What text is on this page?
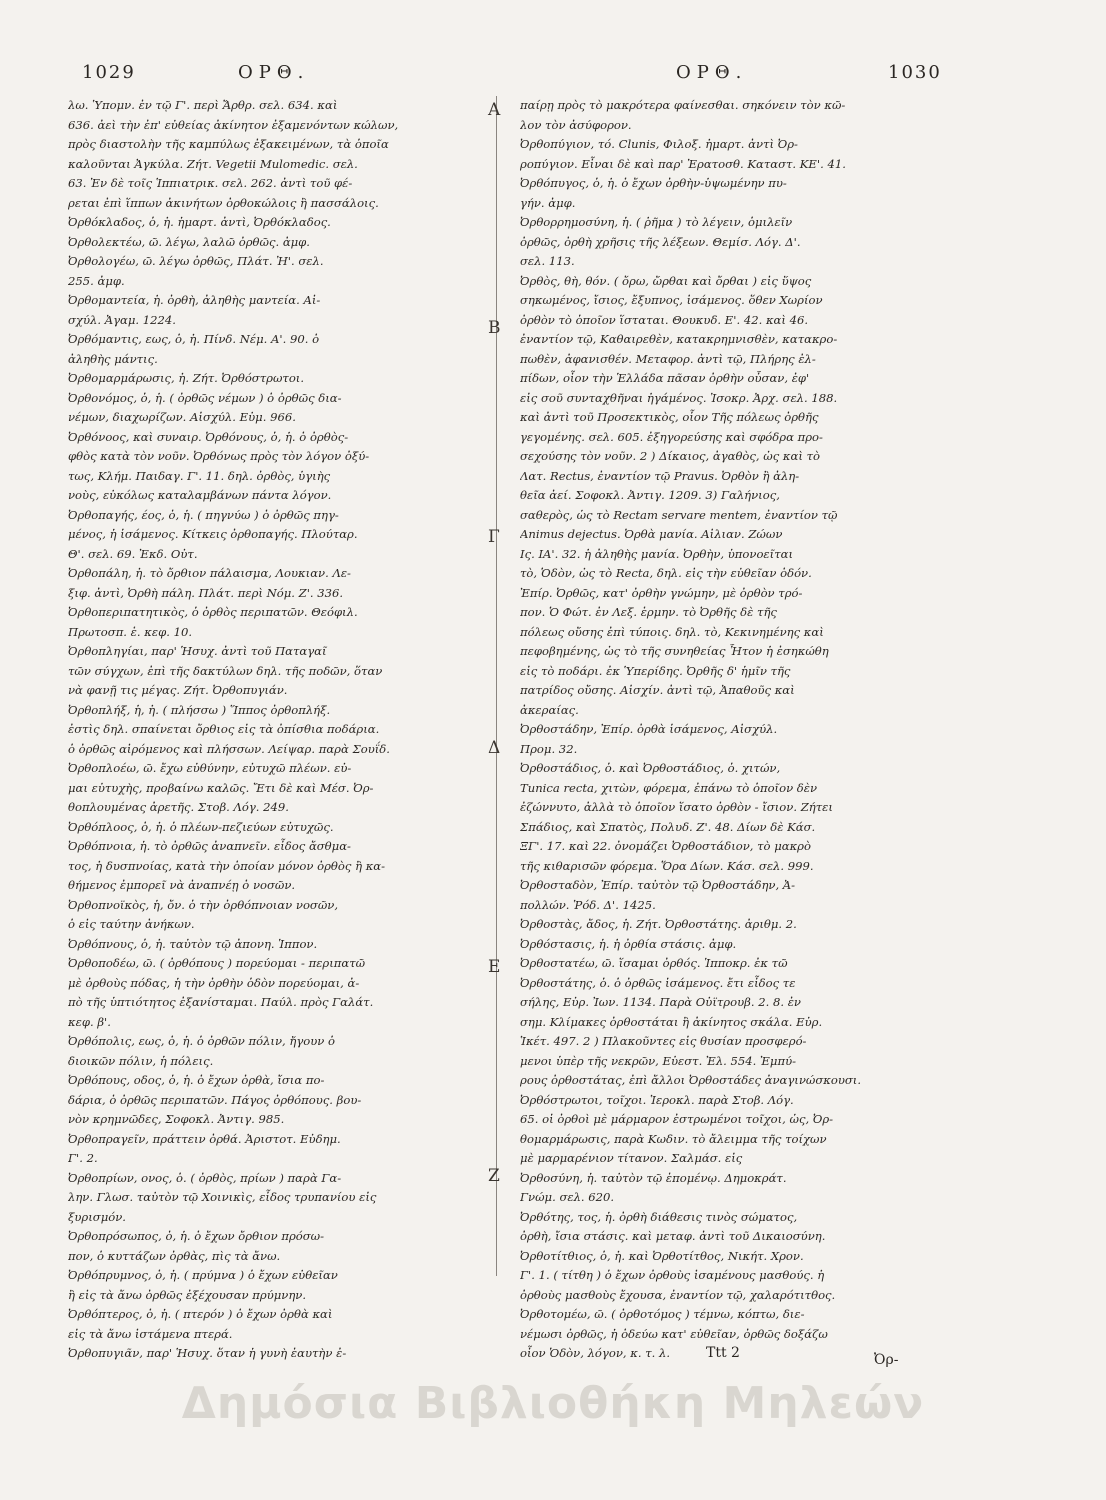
1029	ΟΡΘ.	ΟΡΘ.	1030
λω. Ὑπομν. ἐν τῷ Γ'. περὶ Ἄρθρ. σελ. 634. καὶ
636. ἀεὶ τὴν ἐπ' εὐθείας ἀκίνητον ἐξαμενόντων κώλων,
πρὸς διαστολὴν τῆς καμπύλως ἐξακειμένων, τὰ ὁποῖα
καλοῦνται Ἀγκύλα. Ζήτ. Vegetii Mulomedic. σελ.
63. Ἐν δὲ τοῖς Ἱππιατρικ. σελ. 262. ἀντὶ τοῦ φέ-
ρεται ἐπὶ ἵππων ἀκινήτων ὀρθοκώλοις ἢ πασσάλοις.
Ὀρθόκλαδος, ὁ, ἡ. ἡμαρτ. ἀντὶ, Ὀρθόκλαδος.
Ὀρθολεκτέω, ῶ. λέγω, λαλῶ ὀρθῶς. ἀμφ.
Ὀρθολογέω, ῶ. λέγω ὀρθῶς, Πλάτ. Ἠ'. σελ.
255. ἀμφ.
Ὀρθομαντεία, ἡ. ὀρθὴ, ἀληθὴς μαντεία. Αἰ-
σχύλ. Ἀγαμ. 1224.
Ὀρθόμαντις, εως, ὁ, ἡ. Πίνδ. Νέμ. Α'. 90. ὁ
ἀληθὴς μάντις.
Ὀρθομαρμάρωσις, ἡ. Ζήτ. Ὀρθόστρωτοι.
Ὀρθονόμος, ὁ, ἡ. ( ὀρθῶς νέμων ) ὁ ὀρθῶς δια-
νέμων, διαχωρίζων. Αἰσχύλ. Εὐμ. 966.
Ὀρθόνοος, καὶ συναιρ. Ὀρθόνους, ὁ, ἡ. ὁ ὀρθὸς-
φθὸς κατὰ τὸν νοῦν. Ὀρθόνως πρὸς τὸν λόγον ὀξύ-
τως, Κλήμ. Παιδαγ. Γ'. 11. δηλ. ὀρθὸς, ὑγιὴς
νοὺς, εὐκόλως καταλαμβάνων πάντα λόγον.
Ὀρθοπαγής, έος, ὁ, ἡ. ( πηγνύω ) ὁ ὀρθῶς πηγ-
μένος, ἡ ἱσάμενος. Κίτκεις ὀρθοπαγής. Πλούταρ.
Θ'. σελ. 69. Ἐκδ. Οὐτ.
Ὀρθοπάλη, ἡ. τὸ ὄρθιον πάλαισμα, Λουκιαν. Λε-
ξιφ. ἀντὶ, Ὀρθὴ πάλη. Πλάτ. περὶ Νόμ. Ζ'. 336.
Ὀρθοπεριπατητικὸς, ὁ ὀρθὸς περιπατῶν. Θεόφιλ.
Πρωτοσπ. ἑ. κεφ. 10.
Ὀρθοπληγίαι, παρ' Ἡσυχ. ἀντὶ τοῦ Παταγαῖ
τῶν σύγχων, ἐπὶ τῆς δακτύλων δηλ. τῆς ποδῶν, ὅταν
νὰ φανῇ τις μέγας. Ζήτ. Ὀρθοπυγιάν.
Ὀρθοπλήξ, ἡ, ἡ. ( πλήσσω ) Ἵππος ὀρθοπλήξ.
ἐστὶς δηλ. σπαίνεται ὄρθιος εἰς τὰ ὀπίσθια ποδάρια.
ὁ ὀρθῶς αἰρόμενος καὶ πλήσσων. Λείψαρ. παρὰ Σουΐδ.
Ὀρθοπλοέω, ῶ. ἔχω εὐθύνην, εὐτυχῶ πλέων. εὐ-
μαι εὐτυχὴς, προβαίνω καλῶς. Ἔτι δὲ καὶ Μέσ. Ὀρ-
θοπλουμένας ἀρετῆς. Στοβ. Λόγ. 249.
Ὀρθόπλοος, ὁ, ἡ. ὁ πλέων-πεζιεύων εὐτυχῶς.
Ὀρθόπνοια, ἡ. τὸ ὀρθῶς ἀναπνεῖν. εἶδος ἄσθμα-
τος, ἡ δυσπνοίας, κατὰ τὴν ὁποίαν μόνον ὀρθὸς ἢ κα-
θήμενος ἐμπορεῖ νὰ ἀναπνέῃ ὁ νοσῶν.
Ὀρθοπνοϊκὸς, ἡ, ὄν. ὁ τὴν ὀρθόπνοιαν νοσῶν,
ὁ εἰς ταύτην ἀνήκων.
Ὀρθόπνους, ὁ, ἡ. ταὐτὸν τῷ ἀπονη. Ἱππον.
Ὀρθοποδέω, ῶ. ( ὀρθόπους ) πορεύομαι - περιπατῶ
μὲ ὀρθοὺς πόδας, ἡ τὴν ὀρθὴν ὁδὸν πορεύομαι, ἀ-
πὸ τῆς ὑπτιότητος ἐξανίσταμαι. Παύλ. πρὸς Γαλάτ.
κεφ. β'.
Ὀρθόπολις, εως, ὁ, ἡ. ὁ ὀρθῶν πόλιν, ἤγουν ὁ
διοικῶν πόλιν, ἡ πόλεις.
Ὀρθόπους, οδος, ὁ, ἡ. ὁ ἔχων ὀρθὰ, ἴσια πο-
δάρια, ὁ ὀρθῶς περιπατῶν. Πάγος ὀρθόπους. βου-
νὸν κρημνῶδες, Σοφοκλ. Ἀντιγ. 985.
Ὀρθοπραγεῖν, πράττειν ὀρθά. Ἀριστοτ. Εὐδημ.
Γ'. 2.
Ὀρθοπρίων, ονος, ὁ. ( ὀρθὸς, πρίων ) παρὰ Γα-
λην. Γλωσ. ταὐτὸν τῷ Χοινικὶς, εἶδος τρυπανίου εἰς
ξυρισμόν.
Ὀρθοπρόσωπος, ὁ, ἡ. ὁ ἔχων ὄρθιον πρόσω-
πον, ὁ κυττάζων ὀρθὰς, πὶς τὰ ἄνω.
Ὀρθόπρυμνος, ὁ, ἡ. ( πρύμνα ) ὁ ἔχων εὐθεῖαν
ἢ εἰς τὰ ἄνω ὀρθῶς ἐξέχουσαν πρύμνην.
Ὀρθόπτερος, ὁ, ἡ. ( πτερόν ) ὁ ἔχων ὀρθὰ καὶ
εἰς τὰ ἄνω ἱστάμενα πτερά.
Ὀρθοπυγιᾶν, παρ' Ἡσυχ. ὅταν ἡ γυνὴ ἑαυτὴν ἐ-
A
B
Γ
Δ
E
Z
παίρῃ πρὸς τὸ μακρότερα φαίνεσθαι. σηκόνειν τὸν κῶ-
λον τὸν ἀσύφορον.
Ὀρθοπύγιον, τό. Clunis, Φιλοξ. ἡμαρτ. ἀντὶ Ὀρ-
ροπύγιον. Εἶναι δὲ καὶ παρ' Ἐρατοσθ. Καταστ. ΚΕ'. 41.
Ὀρθόπυγος, ὁ, ἡ. ὁ ἔχων ὀρθὴν-ὑψωμένην πυ-
γήν. ἀμφ.
Ὀρθορρημοσύνη, ἡ. ( ῥῆμα ) τὸ λέγειν, ὁμιλεῖν
ὀρθῶς, ὀρθὴ χρῆσις τῆς λέξεων. Θεμίσ. Λόγ. Δ'.
σελ. 113.
Ὀρθὸς, θὴ, θόν. ( ὄρω, ὤρθαι καὶ ὄρθαι ) εἰς ὕψος
σηκωμένος, ἴσιος, ἔξυπνος, ἱσάμενος. ὅθεν Χωρίον
ὀρθὸν τὸ ὁποῖον ἵσταται. Θουκυδ. Ε'. 42. καὶ 46.
ἐναντίον τῷ, Καθαιρεθὲν, κατακρημνισθὲν, κατακρο-
πωθὲν, ἀφανισθέν. Μεταφορ. ἀντὶ τῷ, Πλήρης ἐλ-
πίδων, οἷον τὴν Ἑλλάδα πᾶσαν ὀρθὴν οὖσαν, ἐφ'
εἰς σοῦ συνταχθῆναι ἠγάμένος. Ἰσοκρ. Ἀρχ. σελ. 188.
καὶ ἀντὶ τοῦ Προσεκτικὸς, οἷον Τῆς πόλεως ὀρθῆς
γεγομένης. σελ. 605. ἐξηγορεύσης καὶ σφόδρα προ-
σεχούσης τὸν νοῦν. 2 ) Δίκαιος, ἀγαθὸς, ὡς καὶ τὸ
Λατ. Rectus, ἐναντίον τῷ Pravus. Ὀρθὸν ἢ ἀλη-
θεῖα ἀεί. Σοφοκλ. Ἀντιγ. 1209. 3) Γαλήνιος,
σαθερὸς, ὡς τὸ Rectam servare mentem, ἐναντίον τῷ
Animus dejectus. Ὀρθὰ μανία. Αἰλιαν. Ζώων
Ις. ΙΑ'. 32. ἡ ἀληθὴς μανία. Ὀρθὴν, ὑπονοεῖται
τὸ, Ὁδὸν, ὡς τὸ Recta, δηλ. εἰς τὴν εὐθεῖαν ὁδόν.
Ἐπίρ. Ὀρθῶς, κατ' ὀρθὴν γνώμην, μὲ ὀρθὸν τρό-
πον. Ὁ Φώτ. ἐν Λεξ. ἑρμην. τὸ Ὀρθῆς δὲ τῆς
πόλεως οὔσης ἐπὶ τύποις. δηλ. τὸ, Κεκινημένης καὶ
πεφοβημένης, ὡς τὸ τῆς συνηθείας Ἦτον ἡ ἐσηκώθη
εἰς τὸ ποδάρι. ἐκ Ὑπερίδης. Ὀρθῆς δ' ἡμῖν τῆς
πατρίδος οὔσης. Αἰσχίν. ἀντὶ τῷ, Ἀπαθοῦς καὶ
ἀκεραίας.
Ὀρθοστάδην, Ἐπίρ. ὀρθὰ ἱσάμενος, Αἰσχύλ.
Προμ. 32.
Ὀρθοστάδιος, ὁ. καὶ Ὀρθοστάδιος, ὁ. χιτών,
Tunica recta, χιτὼν, φόρεμα, ἐπάνω τὸ ὁποῖον δὲν
ἐζώννυτο, ἀλλὰ τὸ ὁποῖον ἵσατο ὀρθὸν - ἴσιον. Ζήτει
Σπάδιος, καὶ Σπατὸς, Πολυδ. Ζ'. 48. Δίων δὲ Κάσ.
ΞΓ'. 17. καὶ 22. ὀνομάζει Ὀρθοστάδιον, τὸ μακρὸ
τῆς κιθαρισῶν φόρεμα. Ὅρα Δίων. Κάσ. σελ. 999.
Ὀρθοσταδὸν, Ἐπίρ. ταὐτὸν τῷ Ὀρθοστάδην, Ἀ-
πολλών. Ῥόδ. Δ'. 1425.
Ὀρθοστὰς, ἄδος, ἡ. Ζήτ. Ὀρθοστάτης. ἀριθμ. 2.
Ὀρθόστασις, ἡ. ἡ ὀρθία στάσις. ἀμφ.
Ὀρθοστατέω, ῶ. ἵσαμαι ὀρθός. Ἱπποκρ. ἐκ τῶ
Ὀρθοστάτης, ὁ. ὁ ὀρθῶς ἱσάμενος. ἔτι εἶδος τε
σήλης, Εὐρ. Ἰων. 1134. Παρὰ Οὐϊτρουβ. 2. 8. ἐν
σημ. Κλίμακες ὀρθοστάται ἢ ἀκίνητος σκάλα. Εὐρ.
Ἱκέτ. 497. 2 ) Πλακοῦντες εἰς θυσίαν προσφερό-
μενοι ὑπὲρ τῆς νεκρῶν, Εὐεστ. Ἐλ. 554. Ἐμπύ-
ρους ὀρθοστάτας, ἐπὶ ἄλλοι Ὀρθοστάδες ἀναγινώσκουσι.
Ὀρθόστρωτοι, τοῖχοι. Ἱεροκλ. παρὰ Στοβ. Λόγ.
65. οἱ ὀρθοὶ μὲ μάρμαρον ἐστρωμένοι τοῖχοι, ὡς, Ὀρ-
θομαρμάρωσις, παρὰ Κωδιν. τὸ ἄλειμμα τῆς τοίχων
μὲ μαρμαρένιον τίτανον. Σαλμάσ. εἰς
Ὀρθοσύνη, ἡ. ταὐτὸν τῷ ἑπομένῳ. Δημοκράτ.
Γνώμ. σελ. 620.
Ὀρθότης, τος, ἡ. ὀρθὴ διάθεσις τινὸς σώματος,
ὀρθὴ, ἴσια στάσις. καὶ μεταφ. ἀντὶ τοῦ Δικαιοσύνη.
Ὀρθοτίτθιος, ὁ, ἡ. καὶ Ὀρθοτίτθος, Νικήτ. Χρον.
Γ'. 1. ( τίτθη ) ὁ ἔχων ὀρθοὺς ἱσαμένους μασθούς. ἡ
ὀρθοὺς μασθοὺς ἔχουσα, ἐναντίον τῷ, χαλαρότιτθος.
Ὀρθοτομέω, ῶ. ( ὀρθοτόμος ) τέμνω, κόπτω, διε-
νέμωσι ὀρθῶς, ἡ ὁδεύω κατ' εὐθεῖαν, ὀρθῶς δοξάζω
οἷον Ὁδὸν, λόγον, κ. τ. λ.	Ttt 2	Ὀρ-
Δημόσια Βιβλιοθήκη Μηλεών
